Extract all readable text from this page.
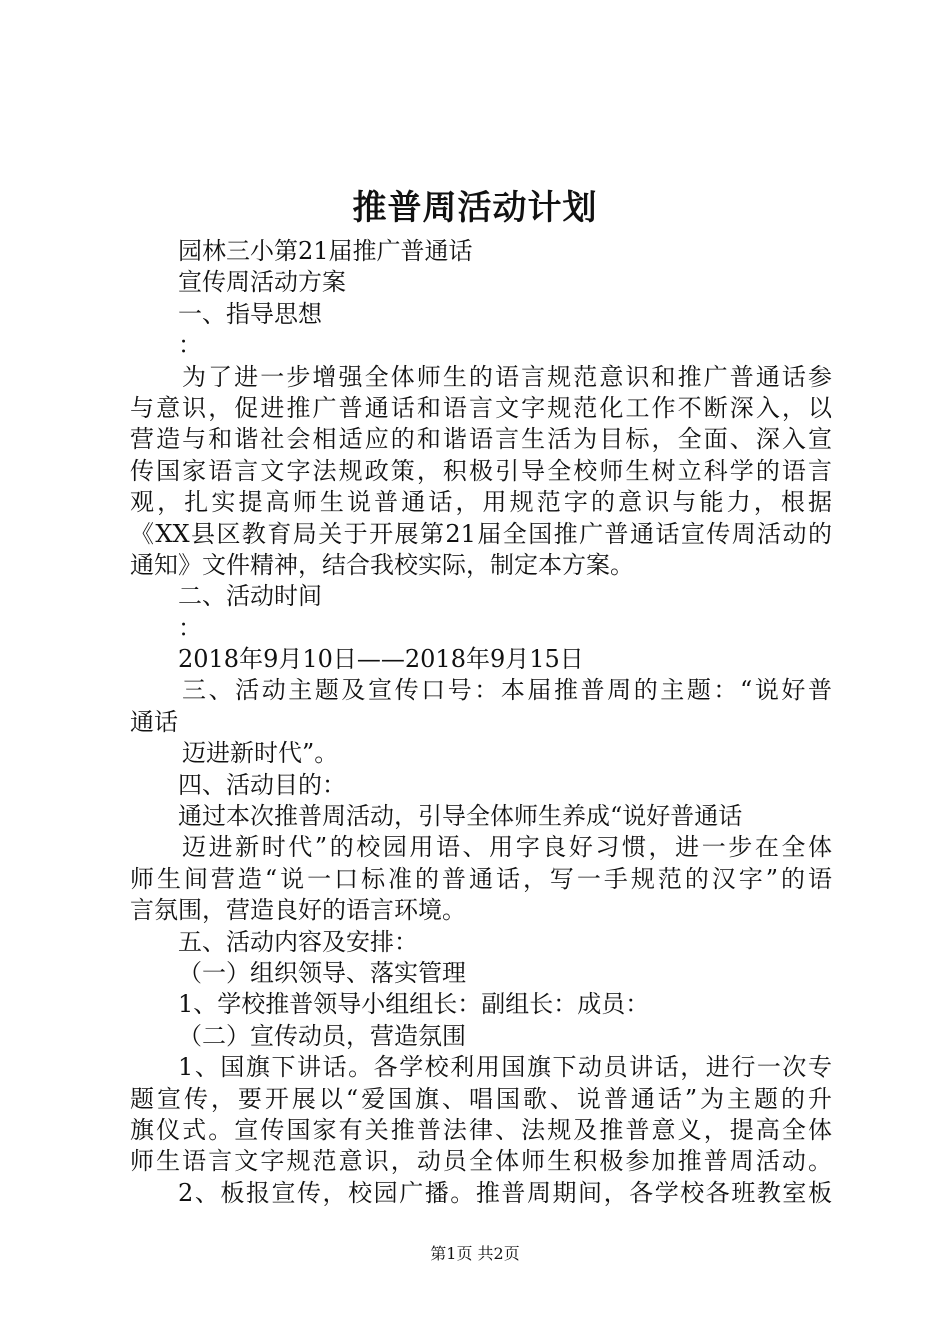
推普周活动计划

园林三小第21届推广普通话

宣传周活动方案

一、指导思想

：

为了进一步增强全体师生的语言规范意识和推广普通话参

与意识，促进推广普通话和语言文字规范化工作不断深入，以

营造与和谐社会相适应的和谐语言生活为目标，全面、深入宣

传国家语言文字法规政策，积极引导全校师生树立科学的语言

观，扎实提高师生说普通话，用规范字的意识与能力，根据

《XX县区教育局关于开展第21届全国推广普通话宣传周活动的

通知》文件精神，结合我校实际，制定本方案。

二、活动时间

：

2018年9月10日——2018年9月15日

三、活动主题及宣传口号：本届推普周的主题：“说好普

通话

迈进新时代”。

四、活动目的：

通过本次推普周活动，引导全体师生养成“说好普通话

迈进新时代”的校园用语、用字良好习惯，进一步在全体

师生间营造“说一口标准的普通话，写一手规范的汉字”的语

言氛围，营造良好的语言环境。

五、活动内容及安排：

（一）组织领导、落实管理

1、学校推普领导小组组长：副组长：成员：

（二）宣传动员，营造氛围

1、国旗下讲话。各学校利用国旗下动员讲话，进行一次专

题宣传，要开展以“爱国旗、唱国歌、说普通话”为主题的升

旗仪式。宣传国家有关推普法律、法规及推普意义，提高全体

师生语言文字规范意识，动员全体师生积极参加推普周活动。

2、板报宣传，校园广播。推普周期间，各学校各班教室板

第1页 共2页
